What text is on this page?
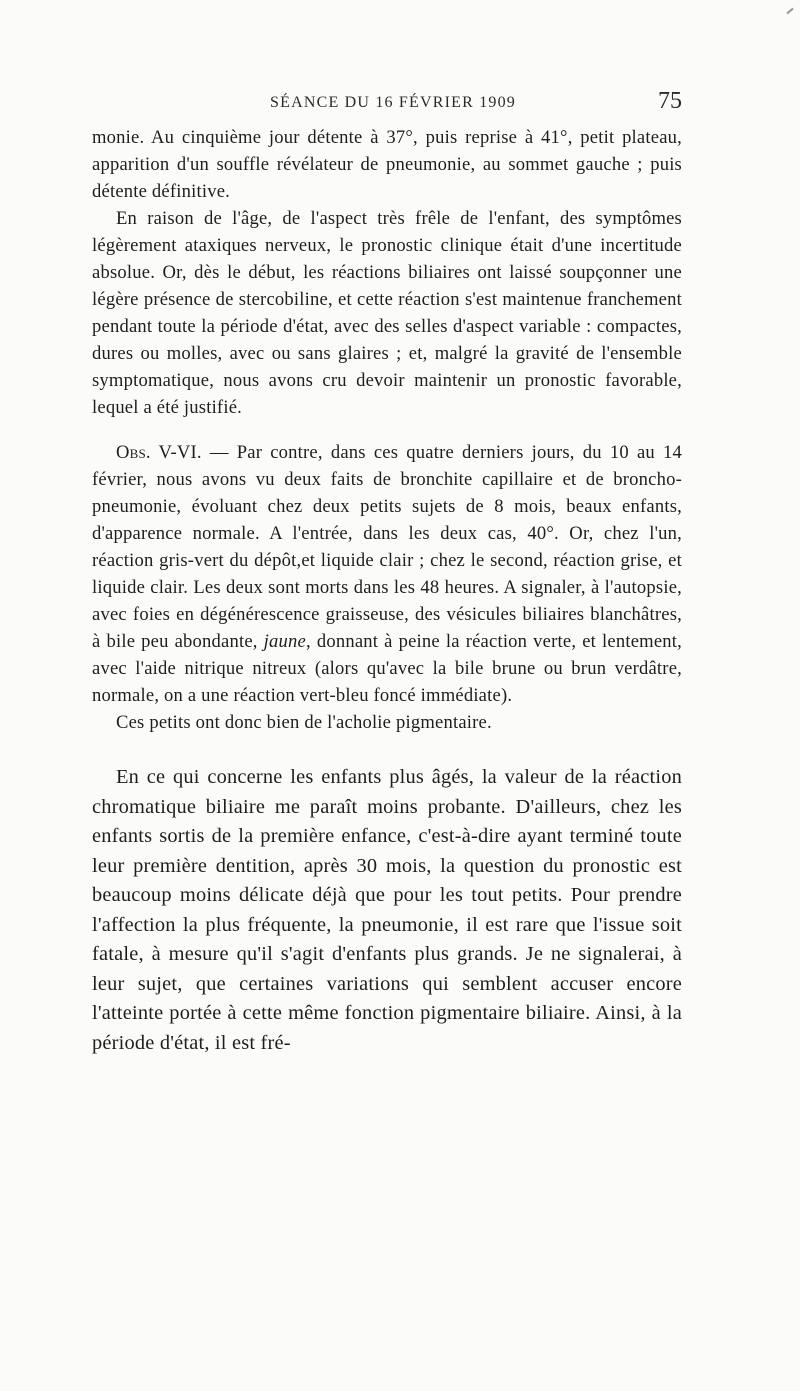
SÉANCE DU 16 FÉVRIER 1909	75

monie. Au cinquième jour détente à 37°, puis reprise à 41°, petit plateau, apparition d'un souffle révélateur de pneumonie, au sommet gauche ; puis détente définitive.

En raison de l'âge, de l'aspect très frêle de l'enfant, des symptômes légèrement ataxiques nerveux, le pronostic clinique était d'une incertitude absolue. Or, dès le début, les réactions biliaires ont laissé soupçonner une légère présence de stercobiline, et cette réaction s'est maintenue franchement pendant toute la période d'état, avec des selles d'aspect variable : compactes, dures ou molles, avec ou sans glaires ; et, malgré la gravité de l'ensemble symptomatique, nous avons cru devoir maintenir un pronostic favorable, lequel a été justifié.

Obs. V-VI. — Par contre, dans ces quatre derniers jours, du 10 au 14 février, nous avons vu deux faits de bronchite capillaire et de broncho-pneumonie, évoluant chez deux petits sujets de 8 mois, beaux enfants, d'apparence normale. A l'entrée, dans les deux cas, 40°. Or, chez l'un, réaction gris-vert du dépôt,et liquide clair ; chez le second, réaction grise, et liquide clair. Les deux sont morts dans les 48 heures. A signaler, à l'autopsie, avec foies en dégénérescence graisseuse, des vésicules biliaires blanchâtres, à bile peu abondante, jaune, donnant à peine la réaction verte, et lentement, avec l'aide nitrique nitreux (alors qu'avec la bile brune ou brun verdâtre, normale, on a une réaction vert-bleu foncé immédiate).

Ces petits ont donc bien de l'acholie pigmentaire.

En ce qui concerne les enfants plus âgés, la valeur de la réaction chromatique biliaire me paraît moins probante. D'ailleurs, chez les enfants sortis de la première enfance, c'est-à-dire ayant terminé toute leur première dentition, après 30 mois, la question du pronostic est beaucoup moins délicate déjà que pour les tout petits. Pour prendre l'affection la plus fréquente, la pneumonie, il est rare que l'issue soit fatale, à mesure qu'il s'agit d'enfants plus grands. Je ne signalerai, à leur sujet, que certaines variations qui semblent accuser encore l'atteinte portée à cette même fonction pigmentaire biliaire. Ainsi, à la période d'état, il est fré-
